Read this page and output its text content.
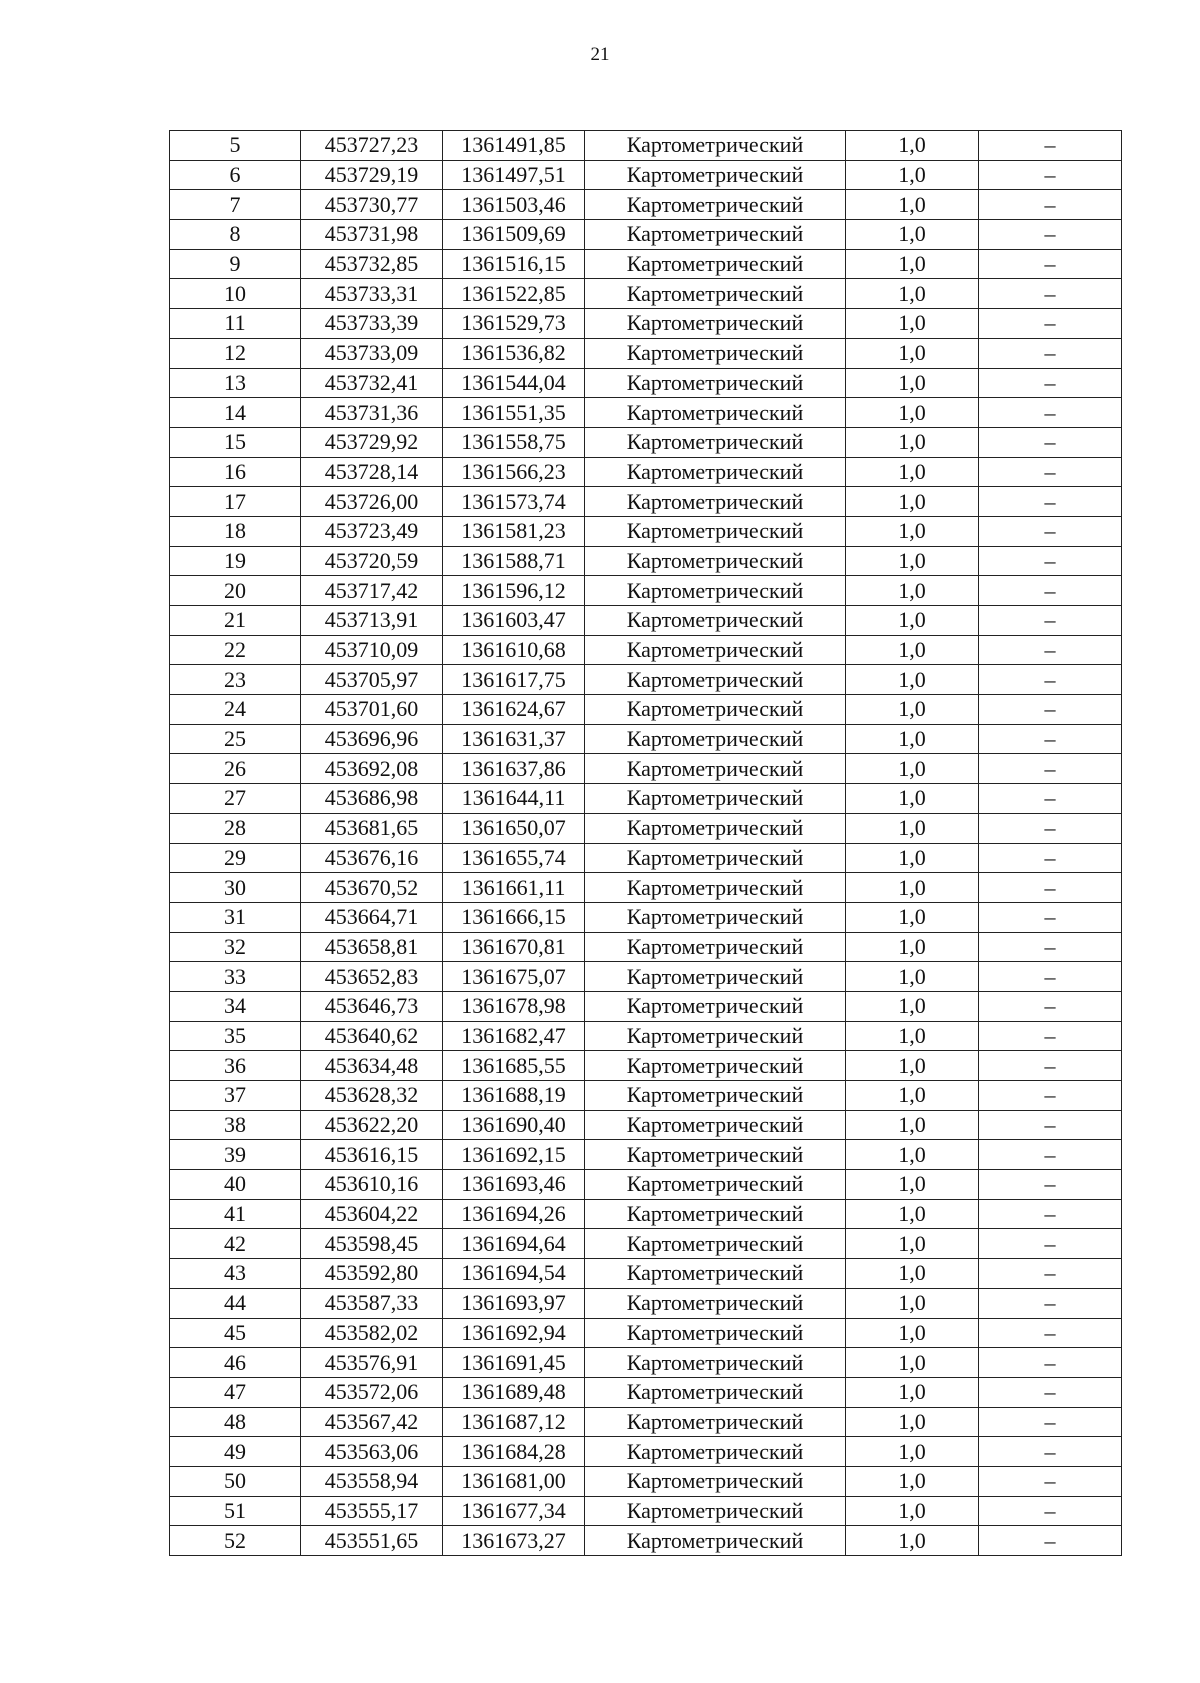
21
5	453727,23	1361491,85	Картометрический	1,0	–
6	453729,19	1361497,51	Картометрический	1,0	–
7	453730,77	1361503,46	Картометрический	1,0	–
8	453731,98	1361509,69	Картометрический	1,0	–
9	453732,85	1361516,15	Картометрический	1,0	–
10	453733,31	1361522,85	Картометрический	1,0	–
11	453733,39	1361529,73	Картометрический	1,0	–
12	453733,09	1361536,82	Картометрический	1,0	–
13	453732,41	1361544,04	Картометрический	1,0	–
14	453731,36	1361551,35	Картометрический	1,0	–
15	453729,92	1361558,75	Картометрический	1,0	–
16	453728,14	1361566,23	Картометрический	1,0	–
17	453726,00	1361573,74	Картометрический	1,0	–
18	453723,49	1361581,23	Картометрический	1,0	–
19	453720,59	1361588,71	Картометрический	1,0	–
20	453717,42	1361596,12	Картометрический	1,0	–
21	453713,91	1361603,47	Картометрический	1,0	–
22	453710,09	1361610,68	Картометрический	1,0	–
23	453705,97	1361617,75	Картометрический	1,0	–
24	453701,60	1361624,67	Картометрический	1,0	–
25	453696,96	1361631,37	Картометрический	1,0	–
26	453692,08	1361637,86	Картометрический	1,0	–
27	453686,98	1361644,11	Картометрический	1,0	–
28	453681,65	1361650,07	Картометрический	1,0	–
29	453676,16	1361655,74	Картометрический	1,0	–
30	453670,52	1361661,11	Картометрический	1,0	–
31	453664,71	1361666,15	Картометрический	1,0	–
32	453658,81	1361670,81	Картометрический	1,0	–
33	453652,83	1361675,07	Картометрический	1,0	–
34	453646,73	1361678,98	Картометрический	1,0	–
35	453640,62	1361682,47	Картометрический	1,0	–
36	453634,48	1361685,55	Картометрический	1,0	–
37	453628,32	1361688,19	Картометрический	1,0	–
38	453622,20	1361690,40	Картометрический	1,0	–
39	453616,15	1361692,15	Картометрический	1,0	–
40	453610,16	1361693,46	Картометрический	1,0	–
41	453604,22	1361694,26	Картометрический	1,0	–
42	453598,45	1361694,64	Картометрический	1,0	–
43	453592,80	1361694,54	Картометрический	1,0	–
44	453587,33	1361693,97	Картометрический	1,0	–
45	453582,02	1361692,94	Картометрический	1,0	–
46	453576,91	1361691,45	Картометрический	1,0	–
47	453572,06	1361689,48	Картометрический	1,0	–
48	453567,42	1361687,12	Картометрический	1,0	–
49	453563,06	1361684,28	Картометрический	1,0	–
50	453558,94	1361681,00	Картометрический	1,0	–
51	453555,17	1361677,34	Картометрический	1,0	–
52	453551,65	1361673,27	Картометрический	1,0	–
